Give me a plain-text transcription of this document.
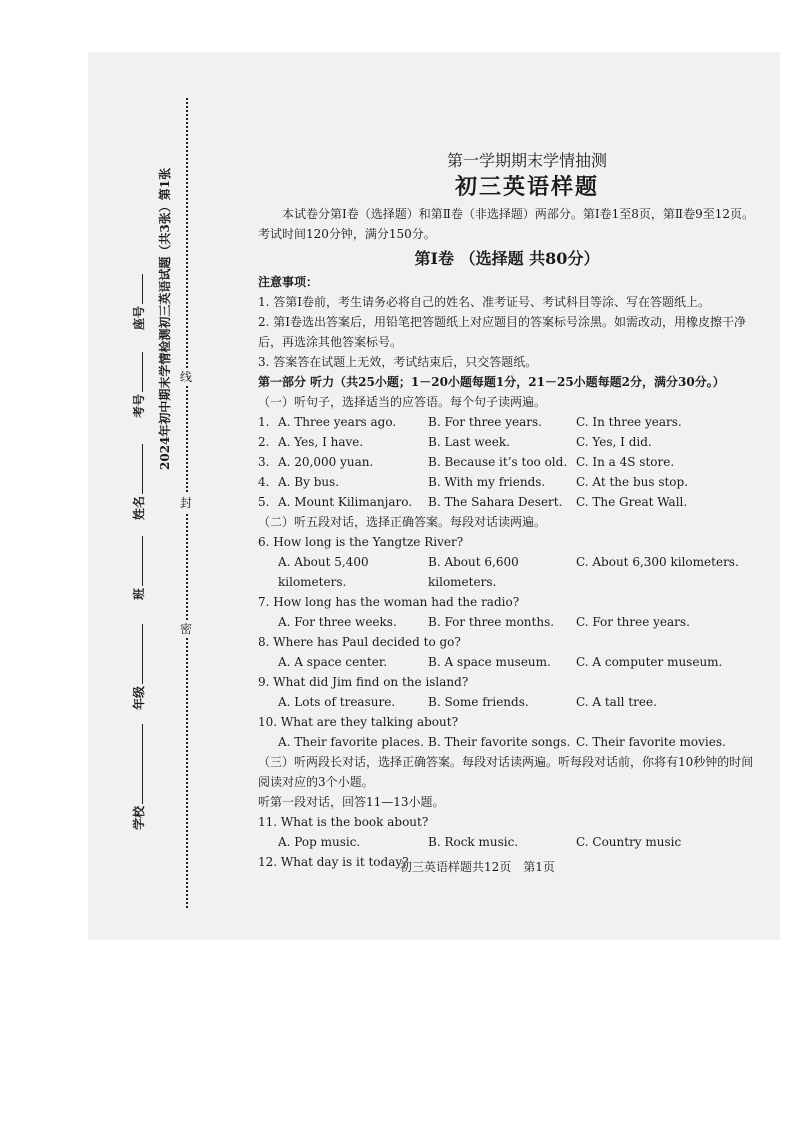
线
封
密
2024年初中期末学情检测初三英语试题（共3张）第1张
座号
考号
姓名
班
年级
学校
第一学期期末学情抽测
初三英语样题

本试卷分第Ⅰ卷（选择题）和第Ⅱ卷（非选择题）两部分。第Ⅰ卷1至8页，第Ⅱ卷9至12页。考试时间120分钟，满分150分。

第Ⅰ卷 （选择题 共80分）
注意事项：

1. 答第Ⅰ卷前，考生请务必将自己的姓名、准考证号、考试科目等涂、写在答题纸上。

2. 第Ⅰ卷选出答案后，用铅笔把答题纸上对应题目的答案标号涂黑。如需改动，用橡皮擦干净后，再选涂其他答案标号。

3. 答案答在试题上无效，考试结束后，只交答题纸。

第一部分 听力（共25小题；1－20小题每题1分，21－25小题每题2分，满分30分。）
（一）听句子，选择适当的应答语。每个句子读两遍。
1. A. Three years ago.	B. For three years.	C. In three years.
2. A. Yes, I have.	B. Last week.	C. Yes, I did.
3. A. 20,000 yuan.	B. Because it’s too old. C. In a 4S store.
4. A. By bus.	B. With my friends.	C. At the bus stop.
5. A. Mount Kilimanjaro.	B. The Sahara Desert.	C. The Great Wall.
（二）听五段对话，选择正确答案。每段对话读两遍。
6. How long is the Yangtze River?
A. About 5,400 kilometers.
B. About 6,600 kilometers.
C. About 6,300 kilometers.
7. How long has the woman had the radio?
A. For three weeks.	B. For three months.	C. For three years.
8. Where has Paul decided to go?
A. A space center.	B. A space museum.	C. A computer museum.
9. What did Jim find on the island?
A. Lots of treasure.	B. Some friends.	C. A tall tree.
10. What are they talking about?
A. Their favorite places. B. Their favorite songs. C. Their favorite movies.
（三）听两段长对话，选择正确答案。每段对话读两遍。听每段对话前，你将有10秒钟的时间阅读对应的3个小题。
听第一段对话，回答11—13小题。
11. What is the book about?
A. Pop music.	B. Rock music.	C. Country music
12. What day is it today?
初三英语样题共12页　第1页
